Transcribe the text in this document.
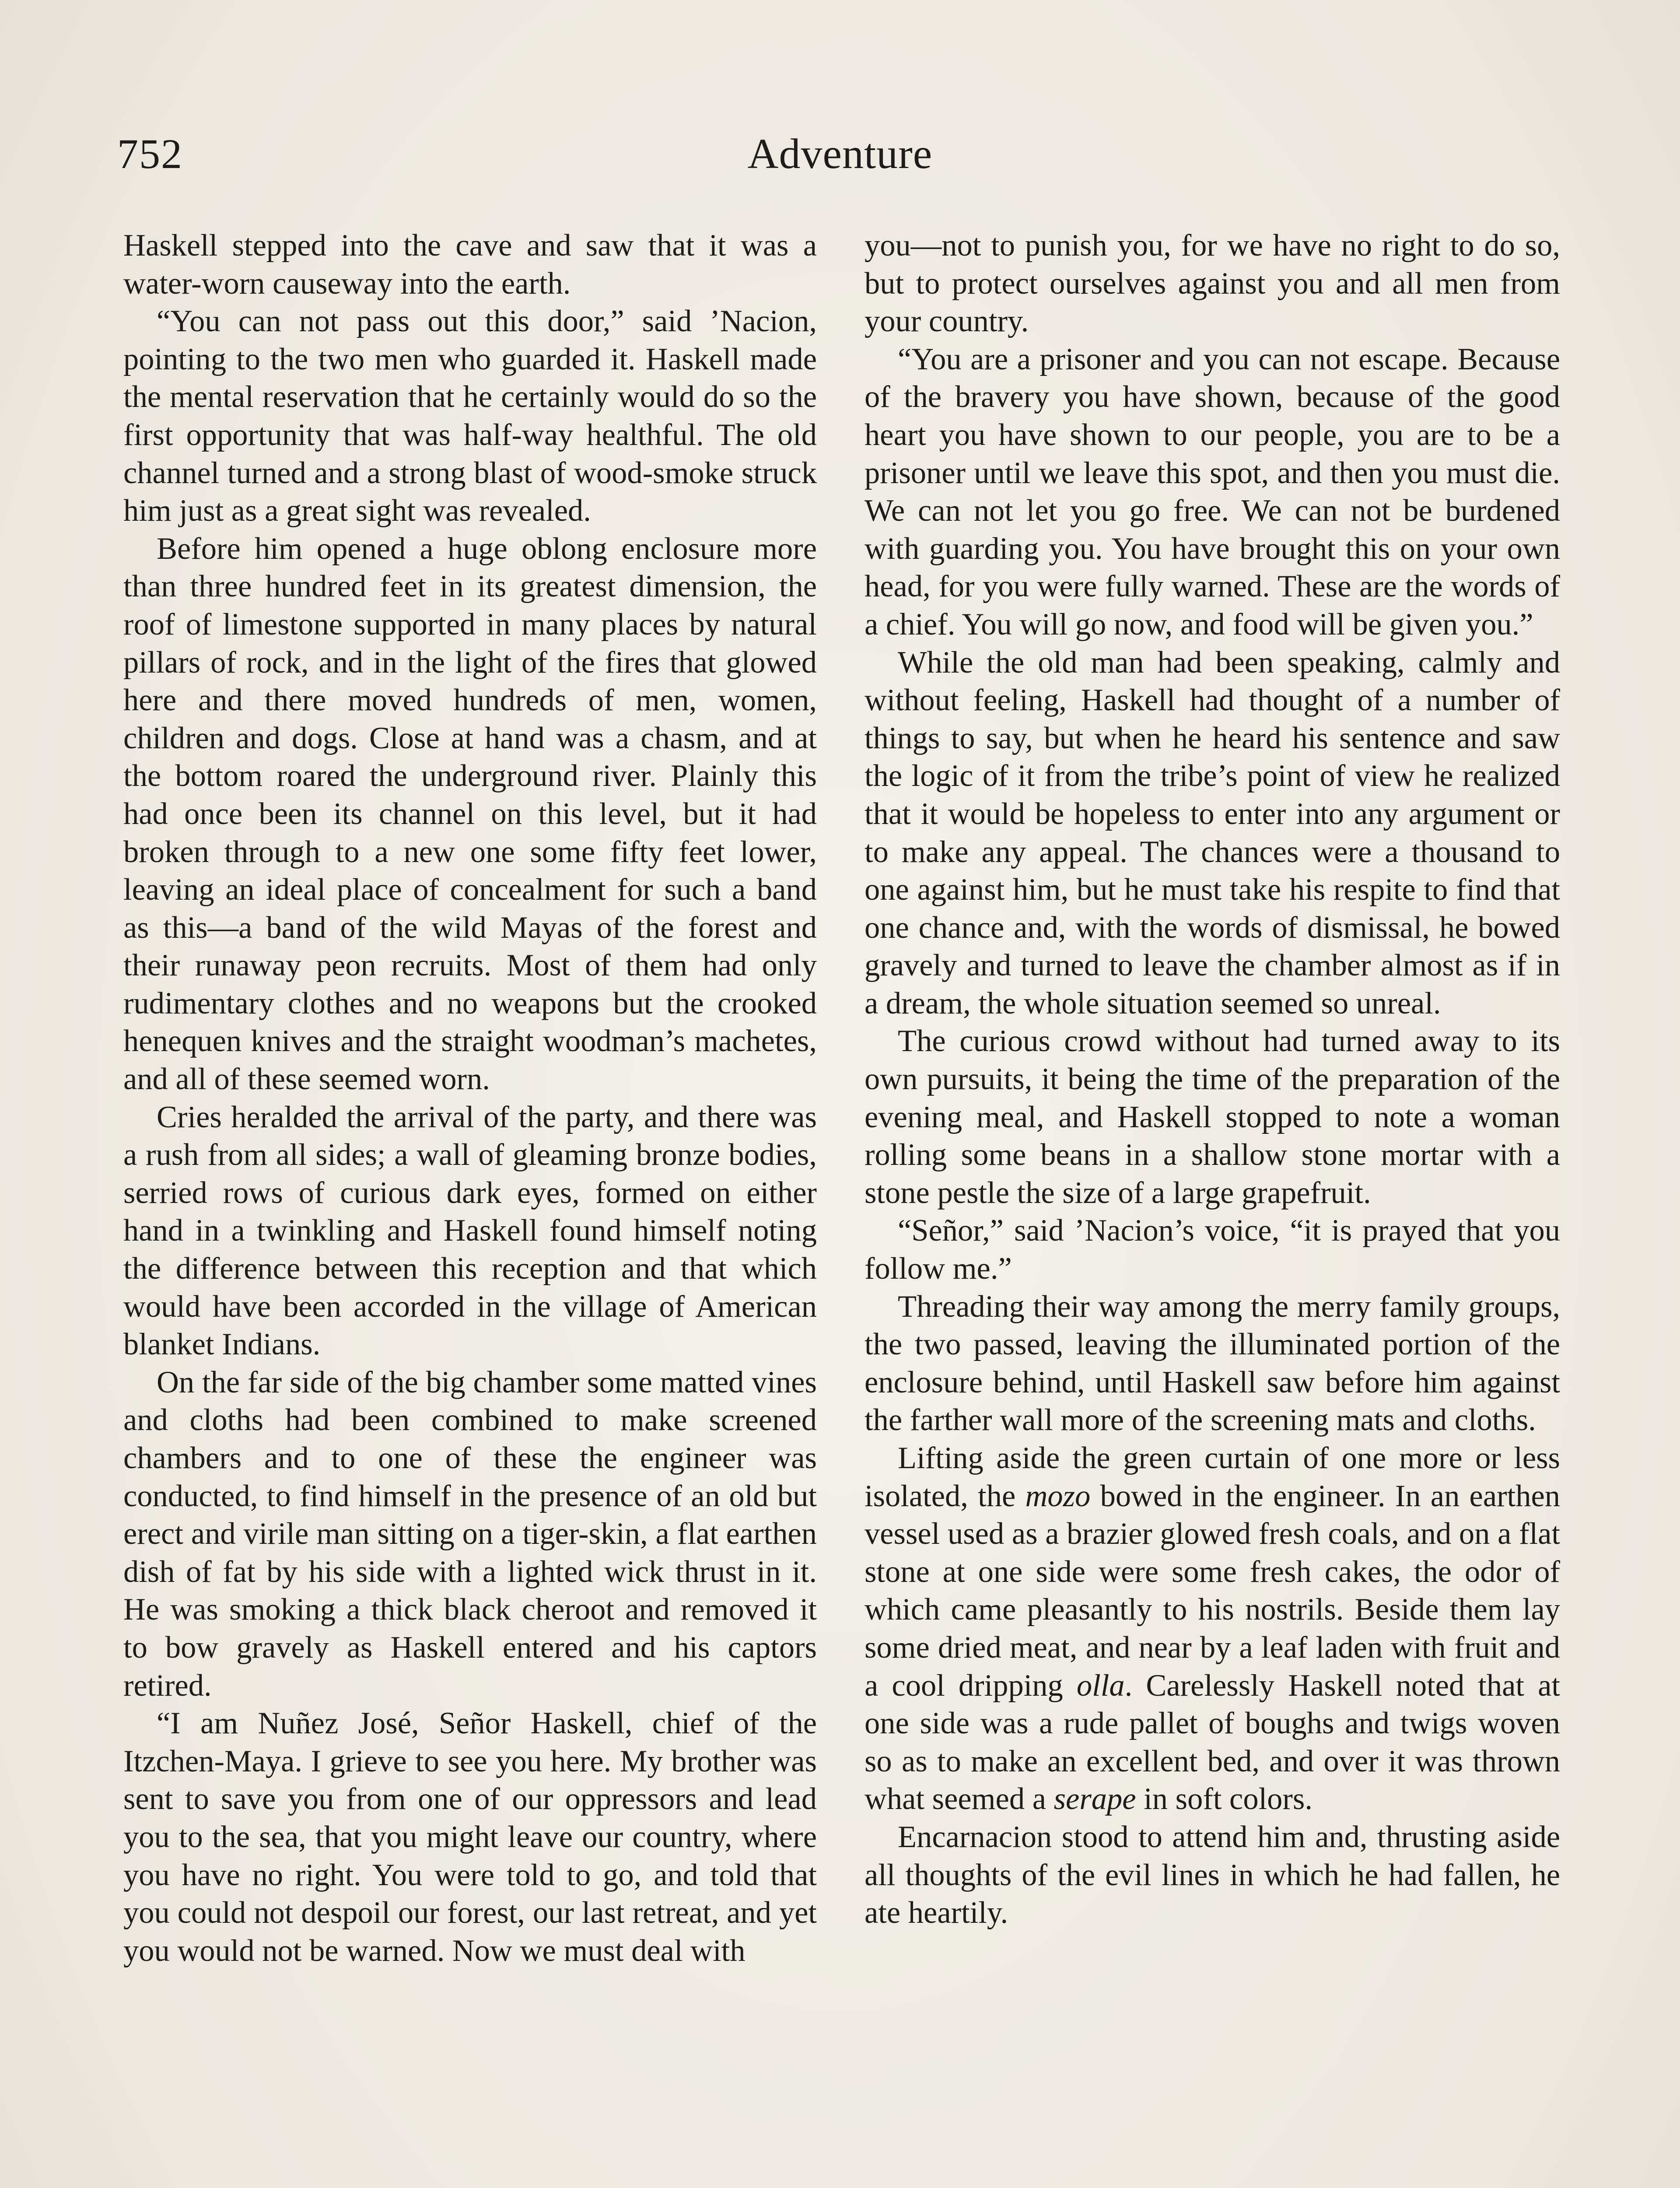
752	Adventure

Haskell stepped into the cave and saw that it was a water-worn causeway into the earth.

“You can not pass out this door,” said ’Nacion, pointing to the two men who guarded it. Haskell made the mental reservation that he certainly would do so the first opportunity that was half-way healthful. The old channel turned and a strong blast of wood-smoke struck him just as a great sight was revealed.

Before him opened a huge oblong enclosure more than three hundred feet in its greatest dimension, the roof of limestone supported in many places by natural pillars of rock, and in the light of the fires that glowed here and there moved hundreds of men, women, children and dogs. Close at hand was a chasm, and at the bottom roared the underground river. Plainly this had once been its channel on this level, but it had broken through to a new one some fifty feet lower, leaving an ideal place of concealment for such a band as this—a band of the wild Mayas of the forest and their runaway peon recruits. Most of them had only rudimentary clothes and no weapons but the crooked henequen knives and the straight woodman’s machetes, and all of these seemed worn.

Cries heralded the arrival of the party, and there was a rush from all sides; a wall of gleaming bronze bodies, serried rows of curious dark eyes, formed on either hand in a twinkling and Haskell found himself noting the difference between this reception and that which would have been accorded in the village of American blanket Indians.

On the far side of the big chamber some matted vines and cloths had been combined to make screened chambers and to one of these the engineer was conducted, to find himself in the presence of an old but erect and virile man sitting on a tiger-skin, a flat earthen dish of fat by his side with a lighted wick thrust in it. He was smoking a thick black cheroot and removed it to bow gravely as Haskell entered and his captors retired.

“I am Nuñez José, Señor Haskell, chief of the Itzchen-Maya. I grieve to see you here. My brother was sent to save you from one of our oppressors and lead you to the sea, that you might leave our country, where you have no right. You were told to go, and told that you could not despoil our forest, our last retreat, and yet you would not be warned. Now we must deal with

you—not to punish you, for we have no right to do so, but to protect ourselves against you and all men from your country.

“You are a prisoner and you can not escape. Because of the bravery you have shown, because of the good heart you have shown to our people, you are to be a prisoner until we leave this spot, and then you must die. We can not let you go free. We can not be burdened with guarding you. You have brought this on your own head, for you were fully warned. These are the words of a chief. You will go now, and food will be given you.”

While the old man had been speaking, calmly and without feeling, Haskell had thought of a number of things to say, but when he heard his sentence and saw the logic of it from the tribe’s point of view he realized that it would be hopeless to enter into any argument or to make any appeal. The chances were a thousand to one against him, but he must take his respite to find that one chance and, with the words of dismissal, he bowed gravely and turned to leave the chamber almost as if in a dream, the whole situation seemed so unreal.

The curious crowd without had turned away to its own pursuits, it being the time of the preparation of the evening meal, and Haskell stopped to note a woman rolling some beans in a shallow stone mortar with a stone pestle the size of a large grapefruit.

“Señor,” said ’Nacion’s voice, “it is prayed that you follow me.”

Threading their way among the merry family groups, the two passed, leaving the illuminated portion of the enclosure behind, until Haskell saw before him against the farther wall more of the screening mats and cloths.

Lifting aside the green curtain of one more or less isolated, the mozo bowed in the engineer. In an earthen vessel used as a brazier glowed fresh coals, and on a flat stone at one side were some fresh cakes, the odor of which came pleasantly to his nostrils. Beside them lay some dried meat, and near by a leaf laden with fruit and a cool dripping olla. Carelessly Haskell noted that at one side was a rude pallet of boughs and twigs woven so as to make an excellent bed, and over it was thrown what seemed a serape in soft colors.

Encarnacion stood to attend him and, thrusting aside all thoughts of the evil lines in which he had fallen, he ate heartily.
